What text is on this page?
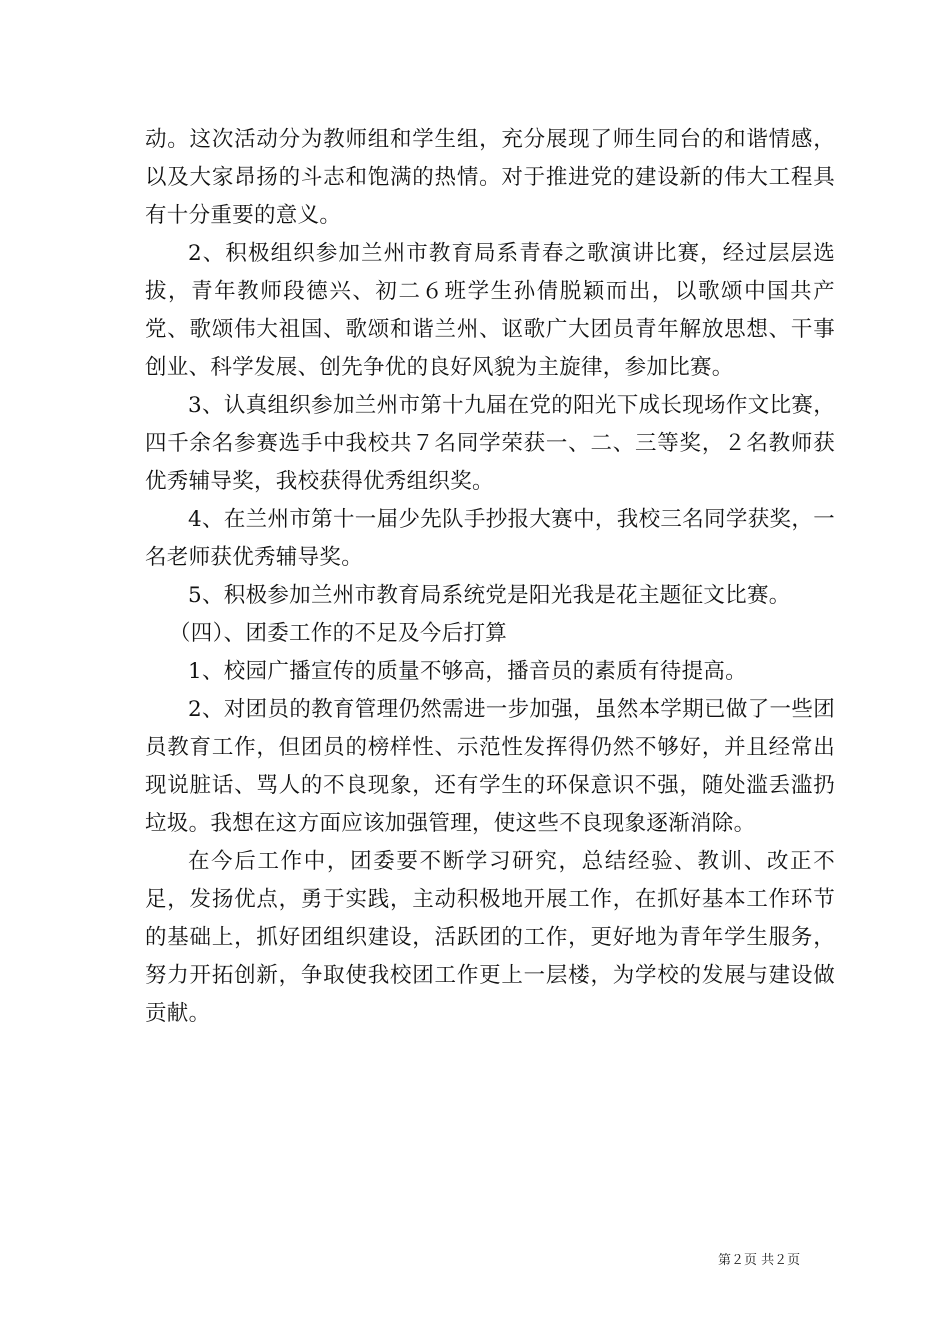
动。这次活动分为教师组和学生组，充分展现了师生同台的和谐情感，以及大家昂扬的斗志和饱满的热情。对于推进党的建设新的伟大工程具有十分重要的意义。

2、积极组织参加兰州市教育局系青春之歌演讲比赛，经过层层选拔，青年教师段德兴、初二６班学生孙倩脱颖而出，以歌颂中国共产党、歌颂伟大祖国、歌颂和谐兰州、讴歌广大团员青年解放思想、干事创业、科学发展、创先争优的良好风貌为主旋律，参加比赛。

3、认真组织参加兰州市第十九届在党的阳光下成长现场作文比赛，四千余名参赛选手中我校共７名同学荣获一、二、三等奖，２名教师获优秀辅导奖，我校获得优秀组织奖。

4、在兰州市第十一届少先队手抄报大赛中，我校三名同学获奖，一名老师获优秀辅导奖。

5、积极参加兰州市教育局系统党是阳光我是花主题征文比赛。

（四）、团委工作的不足及今后打算

1、校园广播宣传的质量不够高，播音员的素质有待提高。

2、对团员的教育管理仍然需进一步加强，虽然本学期已做了一些团员教育工作，但团员的榜样性、示范性发挥得仍然不够好，并且经常出现说脏话、骂人的不良现象，还有学生的环保意识不强，随处滥丢滥扔垃圾。我想在这方面应该加强管理，使这些不良现象逐渐消除。

在今后工作中，团委要不断学习研究，总结经验、教训、改正不足，发扬优点，勇于实践，主动积极地开展工作，在抓好基本工作环节的基础上，抓好团组织建设，活跃团的工作，更好地为青年学生服务，努力开拓创新，争取使我校团工作更上一层楼，为学校的发展与建设做贡献。

第２页 共２页
